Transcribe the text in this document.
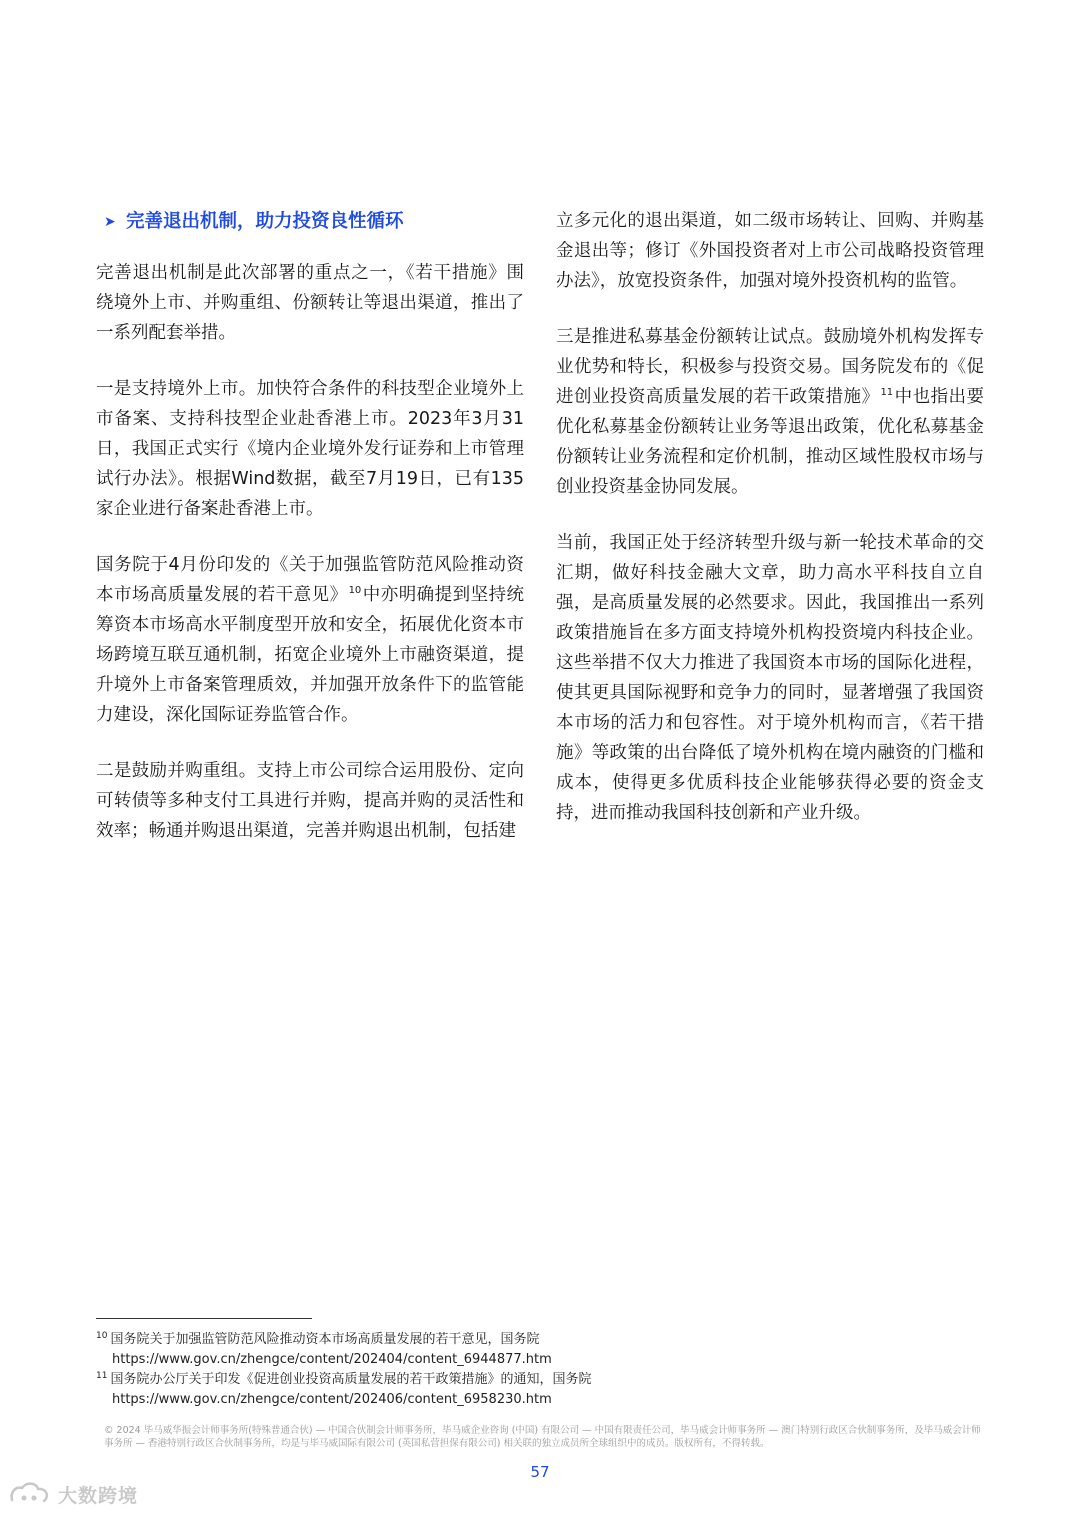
➤ 完善退出机制，助力投资良性循环

完善退出机制是此次部署的重点之一，《若干措施》围绕境外上市、并购重组、份额转让等退出渠道，推出了一系列配套举措。

一是支持境外上市。加快符合条件的科技型企业境外上市备案、支持科技型企业赴香港上市。2023年3月31日，我国正式实行《境内企业境外发行证券和上市管理试行办法》。根据Wind数据，截至7月19日，已有135家企业进行备案赴香港上市。

国务院于4月份印发的《关于加强监管防范风险推动资本市场高质量发展的若干意见》$^{10}$中亦明确提到坚持统筹资本市场高水平制度型开放和安全，拓展优化资本市场跨境互联互通机制，拓宽企业境外上市融资渠道，提升境外上市备案管理质效，并加强开放条件下的监管能力建设，深化国际证券监管合作。

二是鼓励并购重组。支持上市公司综合运用股份、定向可转债等多种支付工具进行并购，提高并购的灵活性和效率；畅通并购退出渠道，完善并购退出机制，包括建

立多元化的退出渠道，如二级市场转让、回购、并购基金退出等；修订《外国投资者对上市公司战略投资管理办法》，放宽投资条件，加强对境外投资机构的监管。

三是推进私募基金份额转让试点。鼓励境外机构发挥专业优势和特长，积极参与投资交易。国务院发布的《促进创业投资高质量发展的若干政策措施》$^{11}$中也指出要优化私募基金份额转让业务等退出政策，优化私募基金份额转让业务流程和定价机制，推动区域性股权市场与创业投资基金协同发展。

当前，我国正处于经济转型升级与新一轮技术革命的交汇期，做好科技金融大文章，助力高水平科技自立自强，是高质量发展的必然要求。因此，我国推出一系列政策措施旨在多方面支持境外机构投资境内科技企业。这些举措不仅大力推进了我国资本市场的国际化进程，使其更具国际视野和竞争力的同时，显著增强了我国资本市场的活力和包容性。对于境外机构而言，《若干措施》等政策的出台降低了境外机构在境内融资的门槛和成本，使得更多优质科技企业能够获得必要的资金支持，进而推动我国科技创新和产业升级。

$^{10}$ 国务院关于加强监管防范风险推动资本市场高质量发展的若干意见，国务院
https://www.gov.cn/zhengce/content/202404/content_6944877.htm
$^{11}$ 国务院办公厅关于印发《促进创业投资高质量发展的若干政策措施》的通知，国务院
https://www.gov.cn/zhengce/content/202406/content_6958230.htm
© 2024 毕马威华振会计师事务所(特殊普通合伙) — 中国合伙制会计师事务所，毕马威企业咨询 (中国) 有限公司 — 中国有限责任公司，毕马威会计师事务所 — 澳门特别行政区合伙制事务所，及毕马威会计师事务所 — 香港特别行政区合伙制事务所，均是与毕马威国际有限公司 (英国私营担保有限公司) 相关联的独立成员所全球组织中的成员。版权所有，不得转载。
57
大数跨境
